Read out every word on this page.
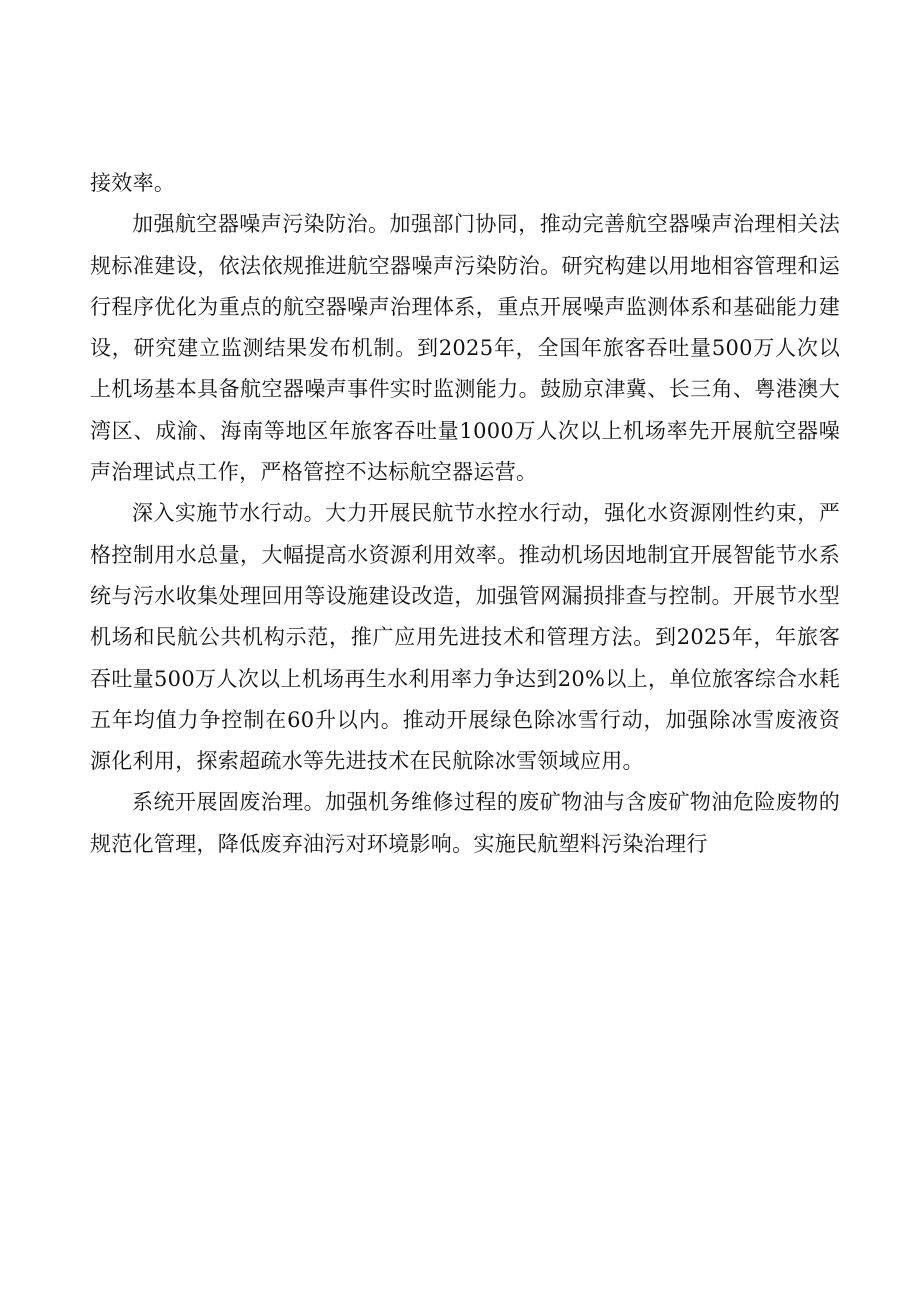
接效率。

加强航空器噪声污染防治。加强部门协同，推动完善航空器噪声治理相关法规标准建设，依法依规推进航空器噪声污染防治。研究构建以用地相容管理和运行程序优化为重点的航空器噪声治理体系，重点开展噪声监测体系和基础能力建设，研究建立监测结果发布机制。到2025年，全国年旅客吞吐量500万人次以上机场基本具备航空器噪声事件实时监测能力。鼓励京津冀、长三角、粤港澳大湾区、成渝、海南等地区年旅客吞吐量1000万人次以上机场率先开展航空器噪声治理试点工作，严格管控不达标航空器运营。

深入实施节水行动。大力开展民航节水控水行动，强化水资源刚性约束，严格控制用水总量，大幅提高水资源利用效率。推动机场因地制宜开展智能节水系统与污水收集处理回用等设施建设改造，加强管网漏损排查与控制。开展节水型机场和民航公共机构示范，推广应用先进技术和管理方法。到2025年，年旅客吞吐量500万人次以上机场再生水利用率力争达到20%以上，单位旅客综合水耗五年均值力争控制在60升以内。推动开展绿色除冰雪行动，加强除冰雪废液资源化利用，探索超疏水等先进技术在民航除冰雪领域应用。

系统开展固废治理。加强机务维修过程的废矿物油与含废矿物油危险废物的规范化管理，降低废弃油污对环境影响。实施民航塑料污染治理行
